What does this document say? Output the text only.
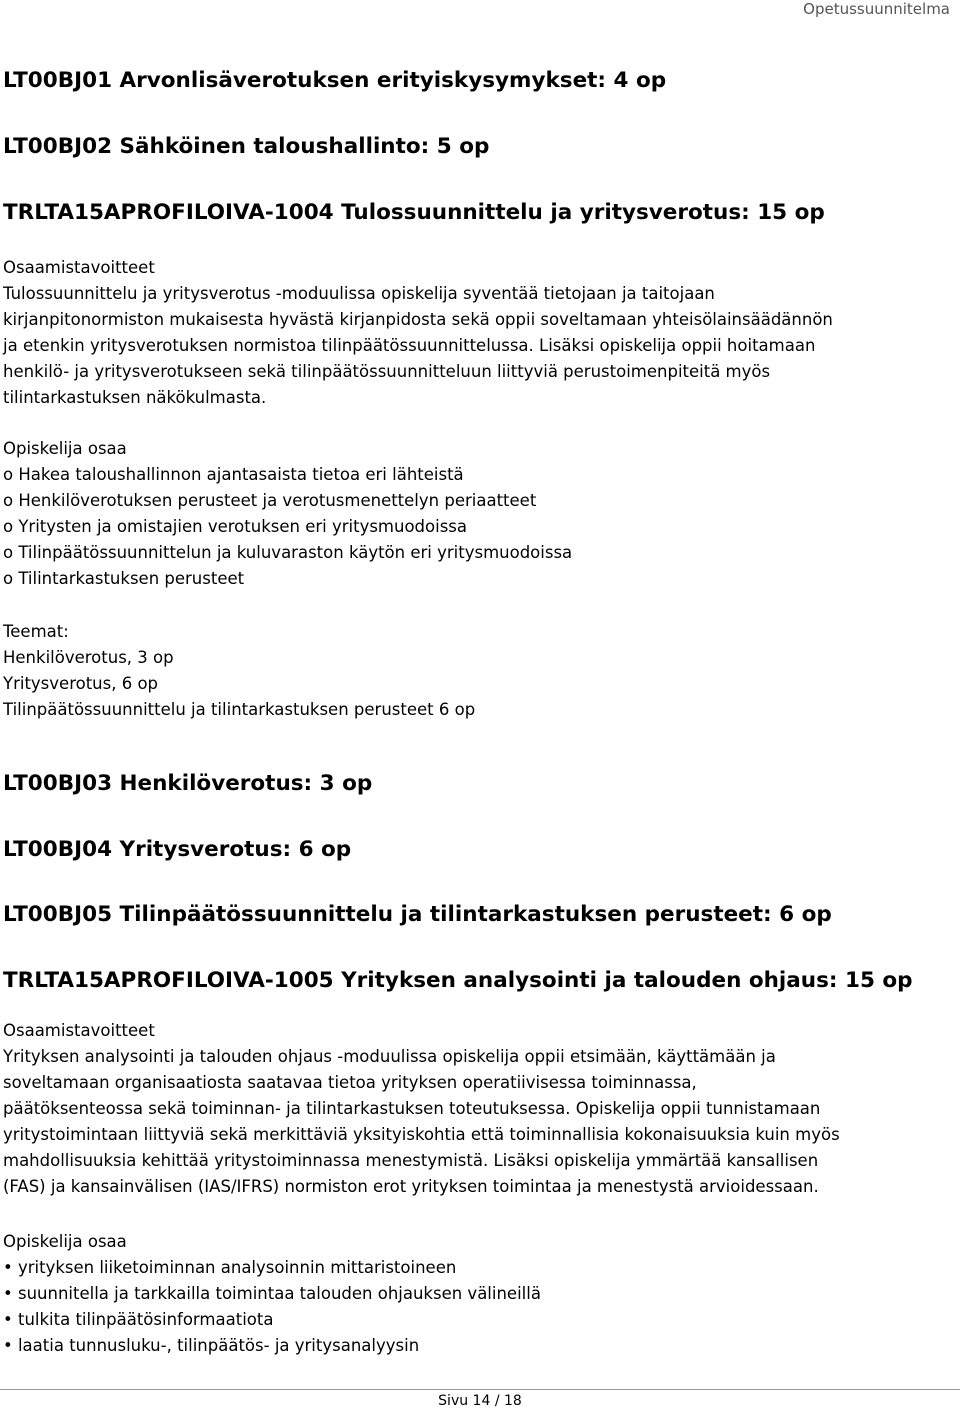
Opetussuunnitelma
LT00BJ01 Arvonlisäverotuksen erityiskysymykset: 4 op
LT00BJ02 Sähköinen taloushallinto: 5 op
TRLTA15APROFILOIVA-1004 Tulossuunnittelu ja yritysverotus: 15 op
Osaamistavoitteet
Tulossuunnittelu ja yritysverotus -moduulissa opiskelija syventää tietojaan ja taitojaan
kirjanpitonormiston mukaisesta hyvästä kirjanpidosta sekä oppii soveltamaan yhteisölainsäädännön
ja etenkin yritysverotuksen normistoa tilinpäätössuunnittelussa. Lisäksi opiskelija oppii hoitamaan
henkilö- ja yritysverotukseen sekä tilinpäätössuunnitteluun liittyviä perustoimenpiteitä myös
tilintarkastuksen näkökulmasta.
Opiskelija osaa
o Hakea taloushallinnon ajantasaista tietoa eri lähteistä
o Henkilöverotuksen perusteet ja verotusmenettelyn periaatteet
o Yritysten ja omistajien verotuksen eri yritysmuodoissa
o Tilinpäätössuunnittelun ja kuluvaraston käytön eri yritysmuodoissa
o Tilintarkastuksen perusteet
Teemat:
Henkilöverotus, 3 op
Yritysverotus, 6 op
Tilinpäätössuunnittelu ja tilintarkastuksen perusteet 6 op
LT00BJ03 Henkilöverotus: 3 op
LT00BJ04 Yritysverotus: 6 op
LT00BJ05 Tilinpäätössuunnittelu ja tilintarkastuksen perusteet: 6 op
TRLTA15APROFILOIVA-1005 Yrityksen analysointi ja talouden ohjaus: 15 op
Osaamistavoitteet
Yrityksen analysointi ja talouden ohjaus -moduulissa opiskelija oppii etsimään, käyttämään ja
soveltamaan organisaatiosta saatavaa tietoa yrityksen operatiivisessa toiminnassa,
päätöksenteossa sekä toiminnan- ja tilintarkastuksen toteutuksessa. Opiskelija oppii tunnistamaan
yritystoimintaan liittyviä sekä merkittäviä yksityiskohtia että toiminnallisia kokonaisuuksia kuin myös
mahdollisuuksia kehittää yritystoiminnassa menestymistä. Lisäksi opiskelija ymmärtää kansallisen
(FAS) ja kansainvälisen (IAS/IFRS) normiston erot yrityksen toimintaa ja menestystä arvioidessaan.
Opiskelija osaa
• yrityksen liiketoiminnan analysoinnin mittaristoineen
• suunnitella ja tarkkailla toimintaa talouden ohjauksen välineillä
• tulkita tilinpäätösinformaatiota
• laatia tunnusluku-, tilinpäätös- ja yritysanalyysin
Sivu 14 / 18
